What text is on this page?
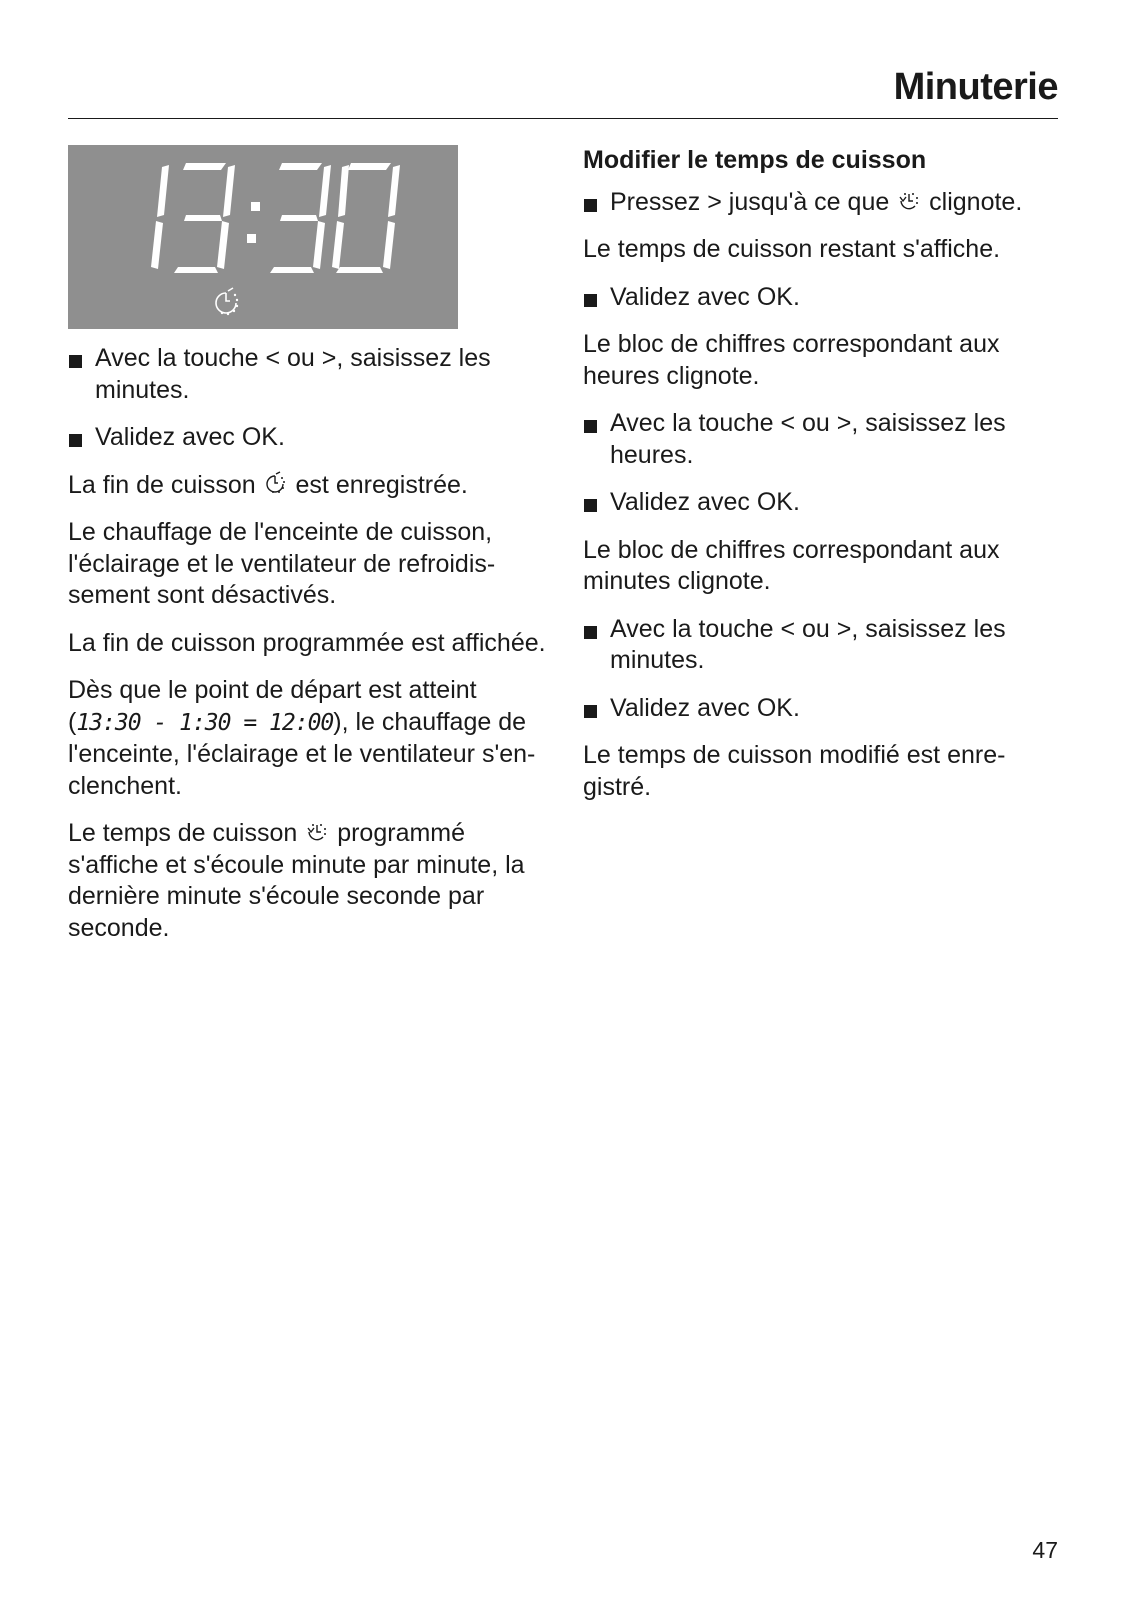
Minuterie

Avec la touche < ou >, saisissez les minutes.

Validez avec OK.

La fin de cuisson est enregistrée.

Le chauffage de l'enceinte de cuisson, l'éclairage et le ventilateur de refroidissement sont désactivés.

La fin de cuisson programmée est affichée.

Dès que le point de départ est atteint (13:30 - 1:30 = 12:00), le chauffage de l'enceinte, l'éclairage et le ventilateur s'enclenchent.

Le temps de cuisson programmé s'affiche et s'écoule minute par minute, la dernière minute s'écoule seconde par seconde.

Modifier le temps de cuisson

Pressez > jusqu'à ce que clignote.

Le temps de cuisson restant s'affiche.

Validez avec OK.

Le bloc de chiffres correspondant aux heures clignote.

Avec la touche < ou >, saisissez les heures.

Validez avec OK.

Le bloc de chiffres correspondant aux minutes clignote.

Avec la touche < ou >, saisissez les minutes.

Validez avec OK.

Le temps de cuisson modifié est enregistré.

47
